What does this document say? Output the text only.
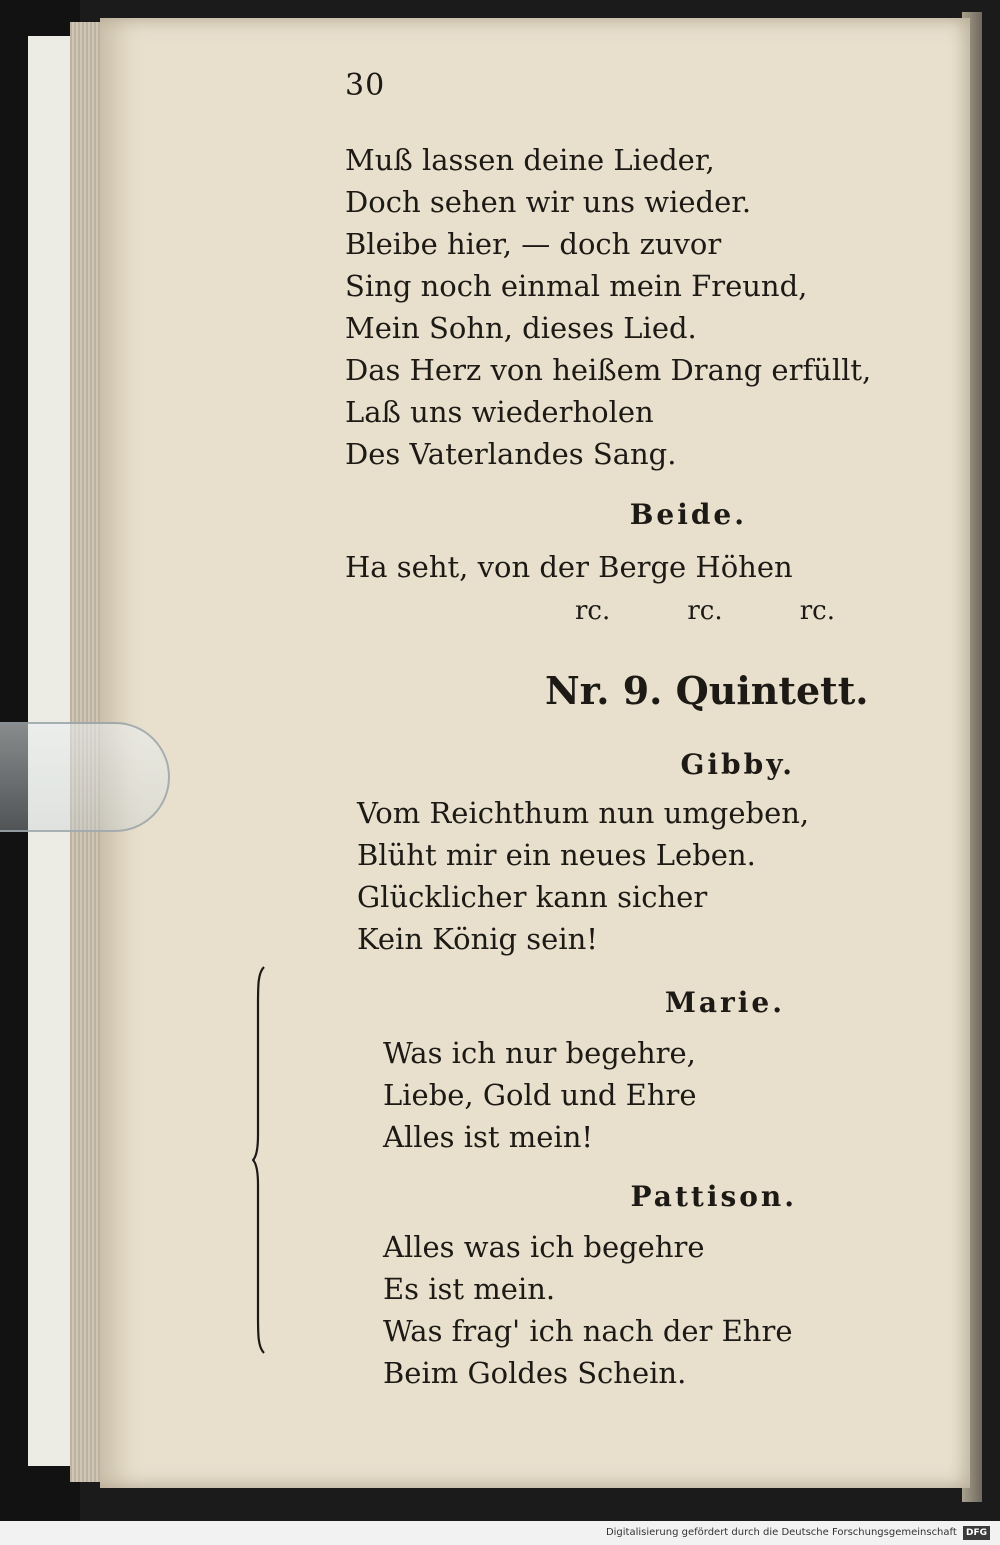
30
Muß lassen deine Lieder,
Doch sehen wir uns wieder.
Bleibe hier, — doch zuvor
Sing noch einmal mein Freund,
Mein Sohn, dieses Lied.
Das Herz von heißem Drang erfüllt,
Laß uns wiederholen
Des Vaterlandes Sang.
Beide.
Ha seht, von der Berge Höhen
rc.	rc.	rc.
Nr. 9. Quintett.
Gibby.
Vom Reichthum nun umgeben,
Blüht mir ein neues Leben.
Glücklicher kann sicher
Kein König sein!
Marie.
Was ich nur begehre,
Liebe, Gold und Ehre
Alles ist mein!
Pattison.
Alles was ich begehre
Es ist mein.
Was frag' ich nach der Ehre
Beim Goldes Schein.
Digitalisierung gefördert durch die Deutsche Forschungsgemeinschaft DFG
